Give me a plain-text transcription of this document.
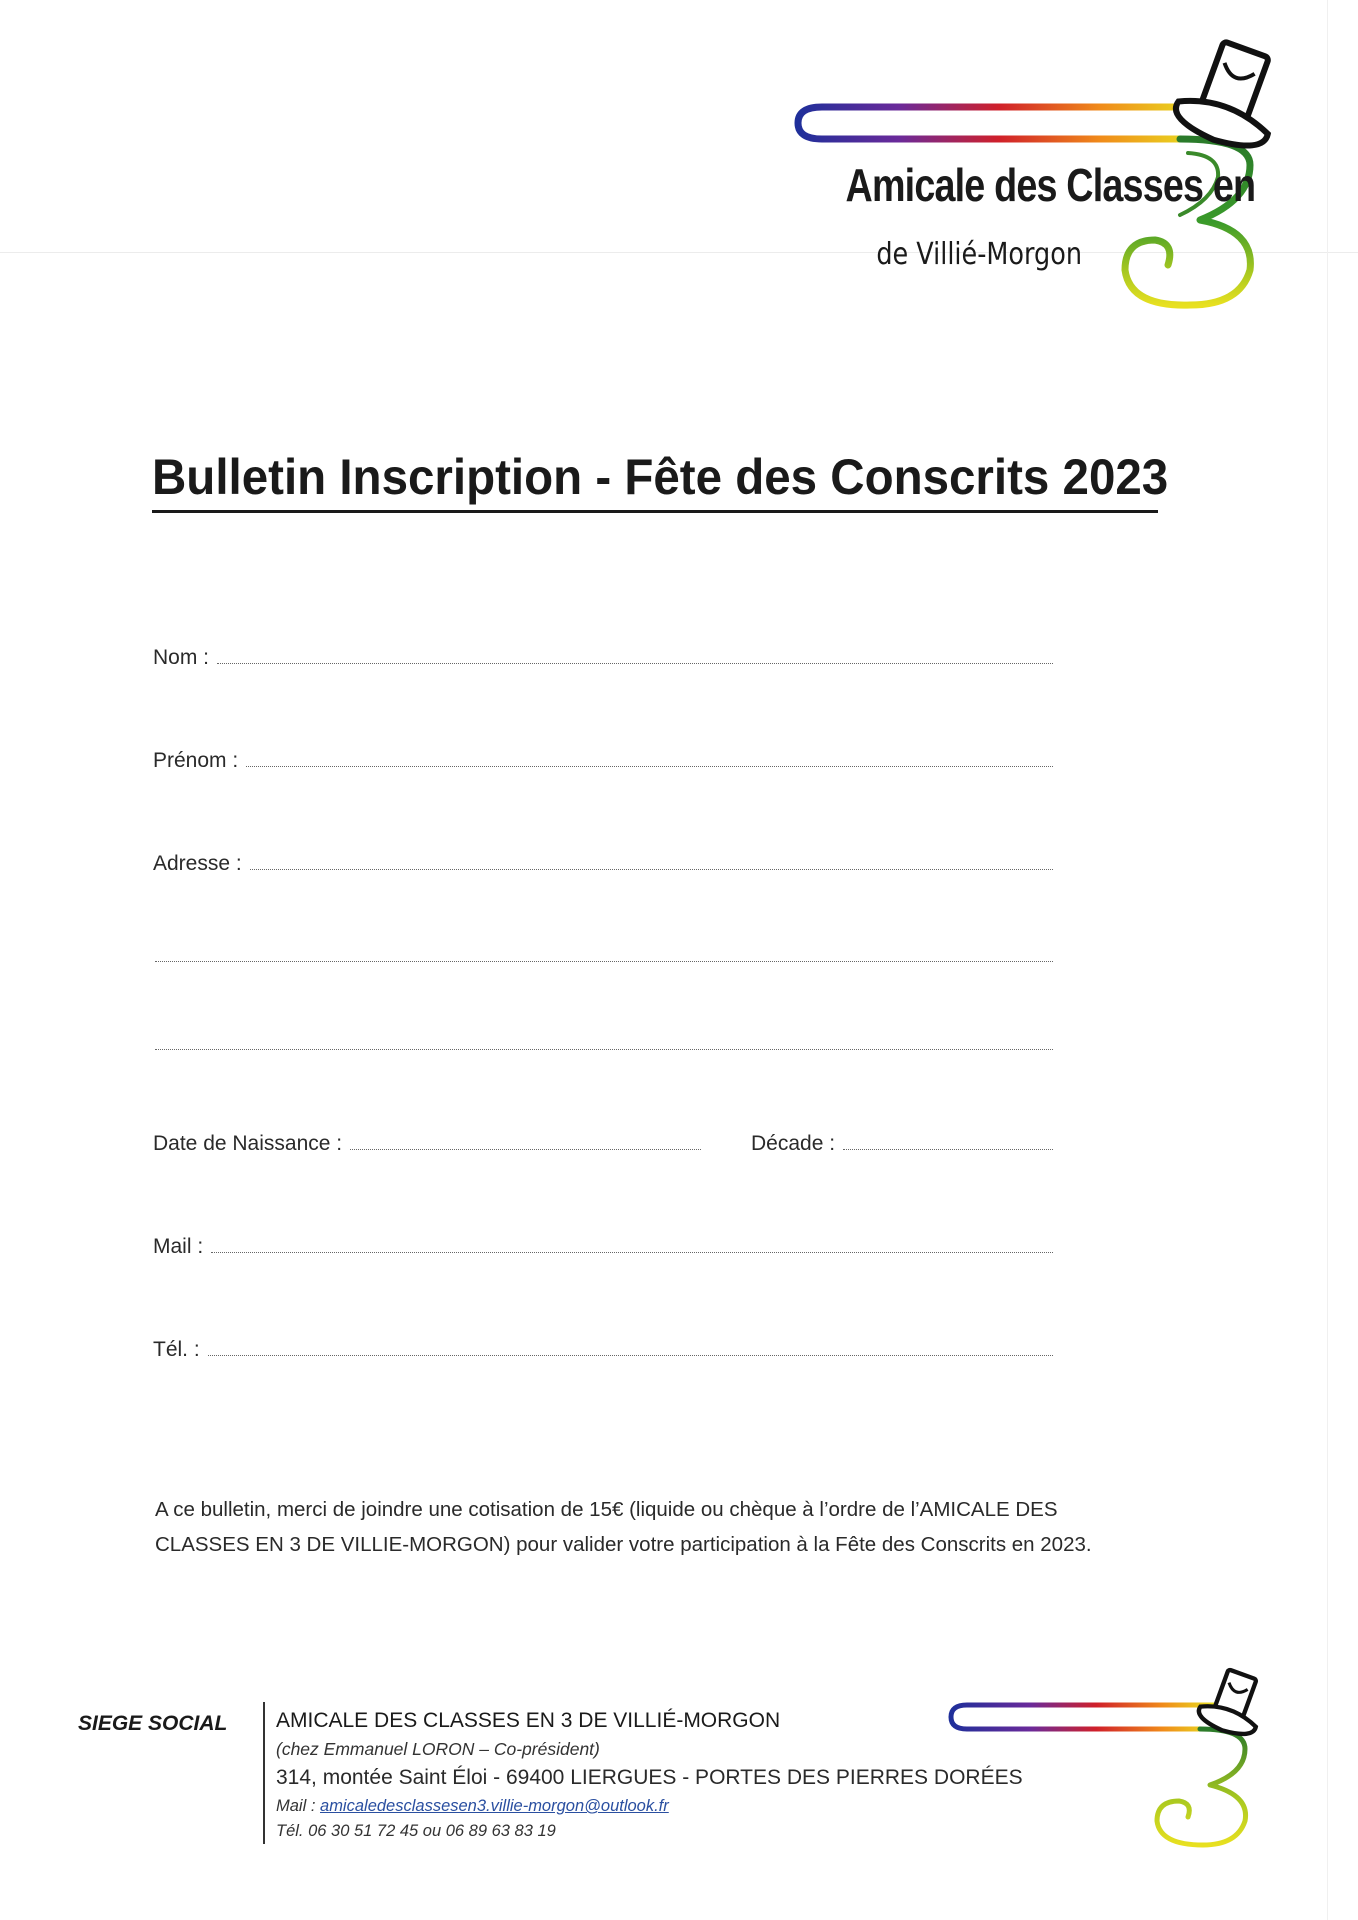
Amicale des Classes en
de Villié-Morgon
Bulletin Inscription - Fête des Conscrits 2023
Nom :
Prénom :
Adresse :
Date de Naissance :	Décade :
Mail :
Tél. :
A ce bulletin, merci de joindre une cotisation de 15€ (liquide ou chèque à l’ordre de l’AMICALE DES
CLASSES EN 3 DE VILLIE-MORGON) pour valider votre participation à la Fête des Conscrits en 2023.
SIEGE SOCIAL AMICALE DES CLASSES EN 3 DE VILLIÉ-MORGON
(chez Emmanuel LORON – Co-président)
314, montée Saint Éloi - 69400 LIERGUES - PORTES DES PIERRES DORÉES
Mail : amicaledesclassesen3.villie-morgon@outlook.fr
Tél. 06 30 51 72 45 ou 06 89 63 83 19
